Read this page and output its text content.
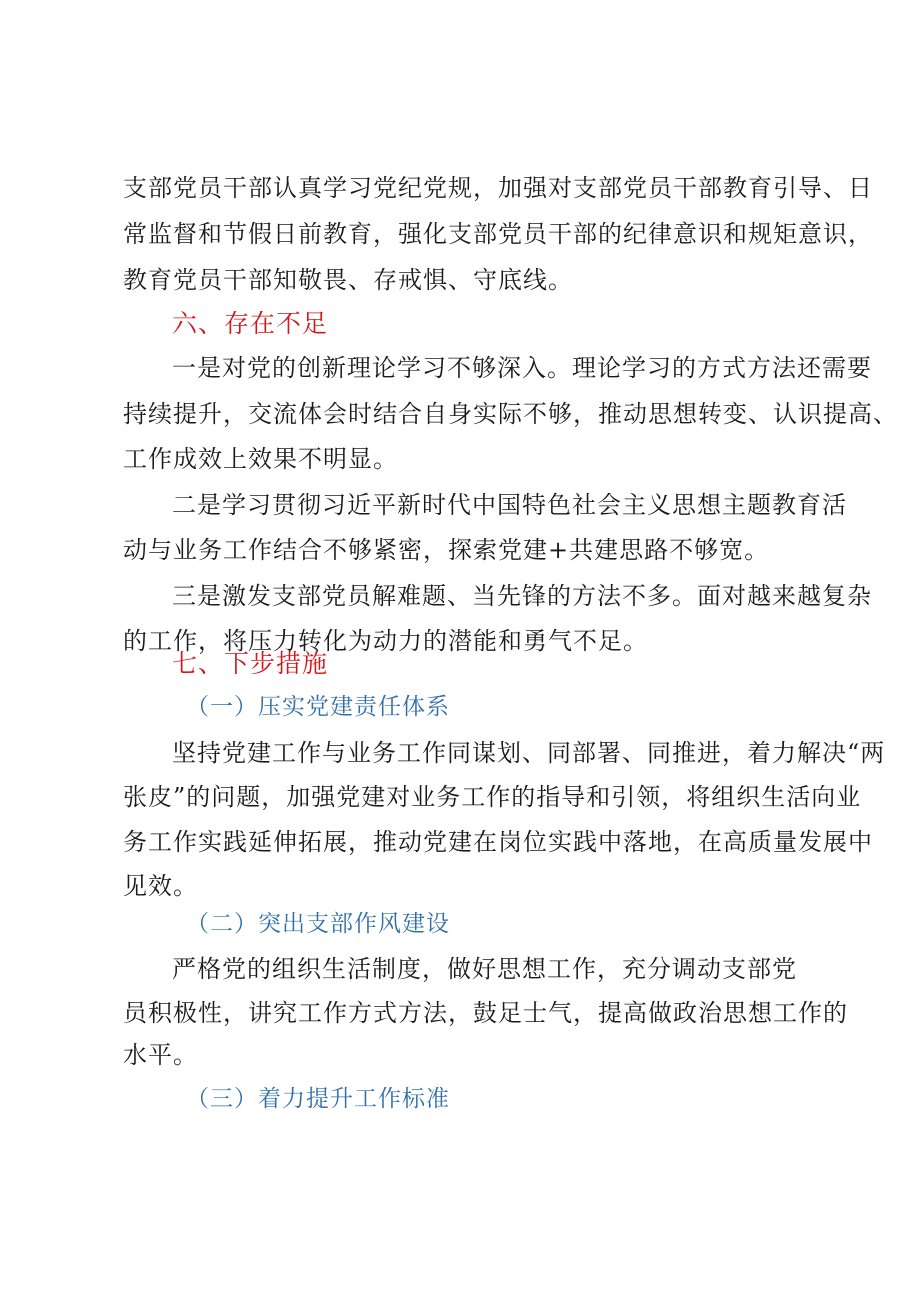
支部党员干部认真学习党纪党规，加强对支部党员干部教育引导、日
常监督和节假日前教育，强化支部党员干部的纪律意识和规矩意识，
教育党员干部知敬畏、存戒惧、守底线。
六、存在不足
一是对党的创新理论学习不够深入。理论学习的方式方法还需要
持续提升，交流体会时结合自身实际不够，推动思想转变、认识提高、
工作成效上效果不明显。
二是学习贯彻习近平新时代中国特色社会主义思想主题教育活
动与业务工作结合不够紧密，探索党建+共建思路不够宽。
三是激发支部党员解难题、当先锋的方法不多。面对越来越复杂
的工作，将压力转化为动力的潜能和勇气不足。
七、下步措施
（一）压实党建责任体系
坚持党建工作与业务工作同谋划、同部署、同推进，着力解决“两
张皮”的问题，加强党建对业务工作的指导和引领，将组织生活向业
务工作实践延伸拓展，推动党建在岗位实践中落地，在高质量发展中
见效。
（二）突出支部作风建设
严格党的组织生活制度，做好思想工作，充分调动支部党
员积极性，讲究工作方式方法，鼓足士气，提高做政治思想工作的
水平。
（三）着力提升工作标准
